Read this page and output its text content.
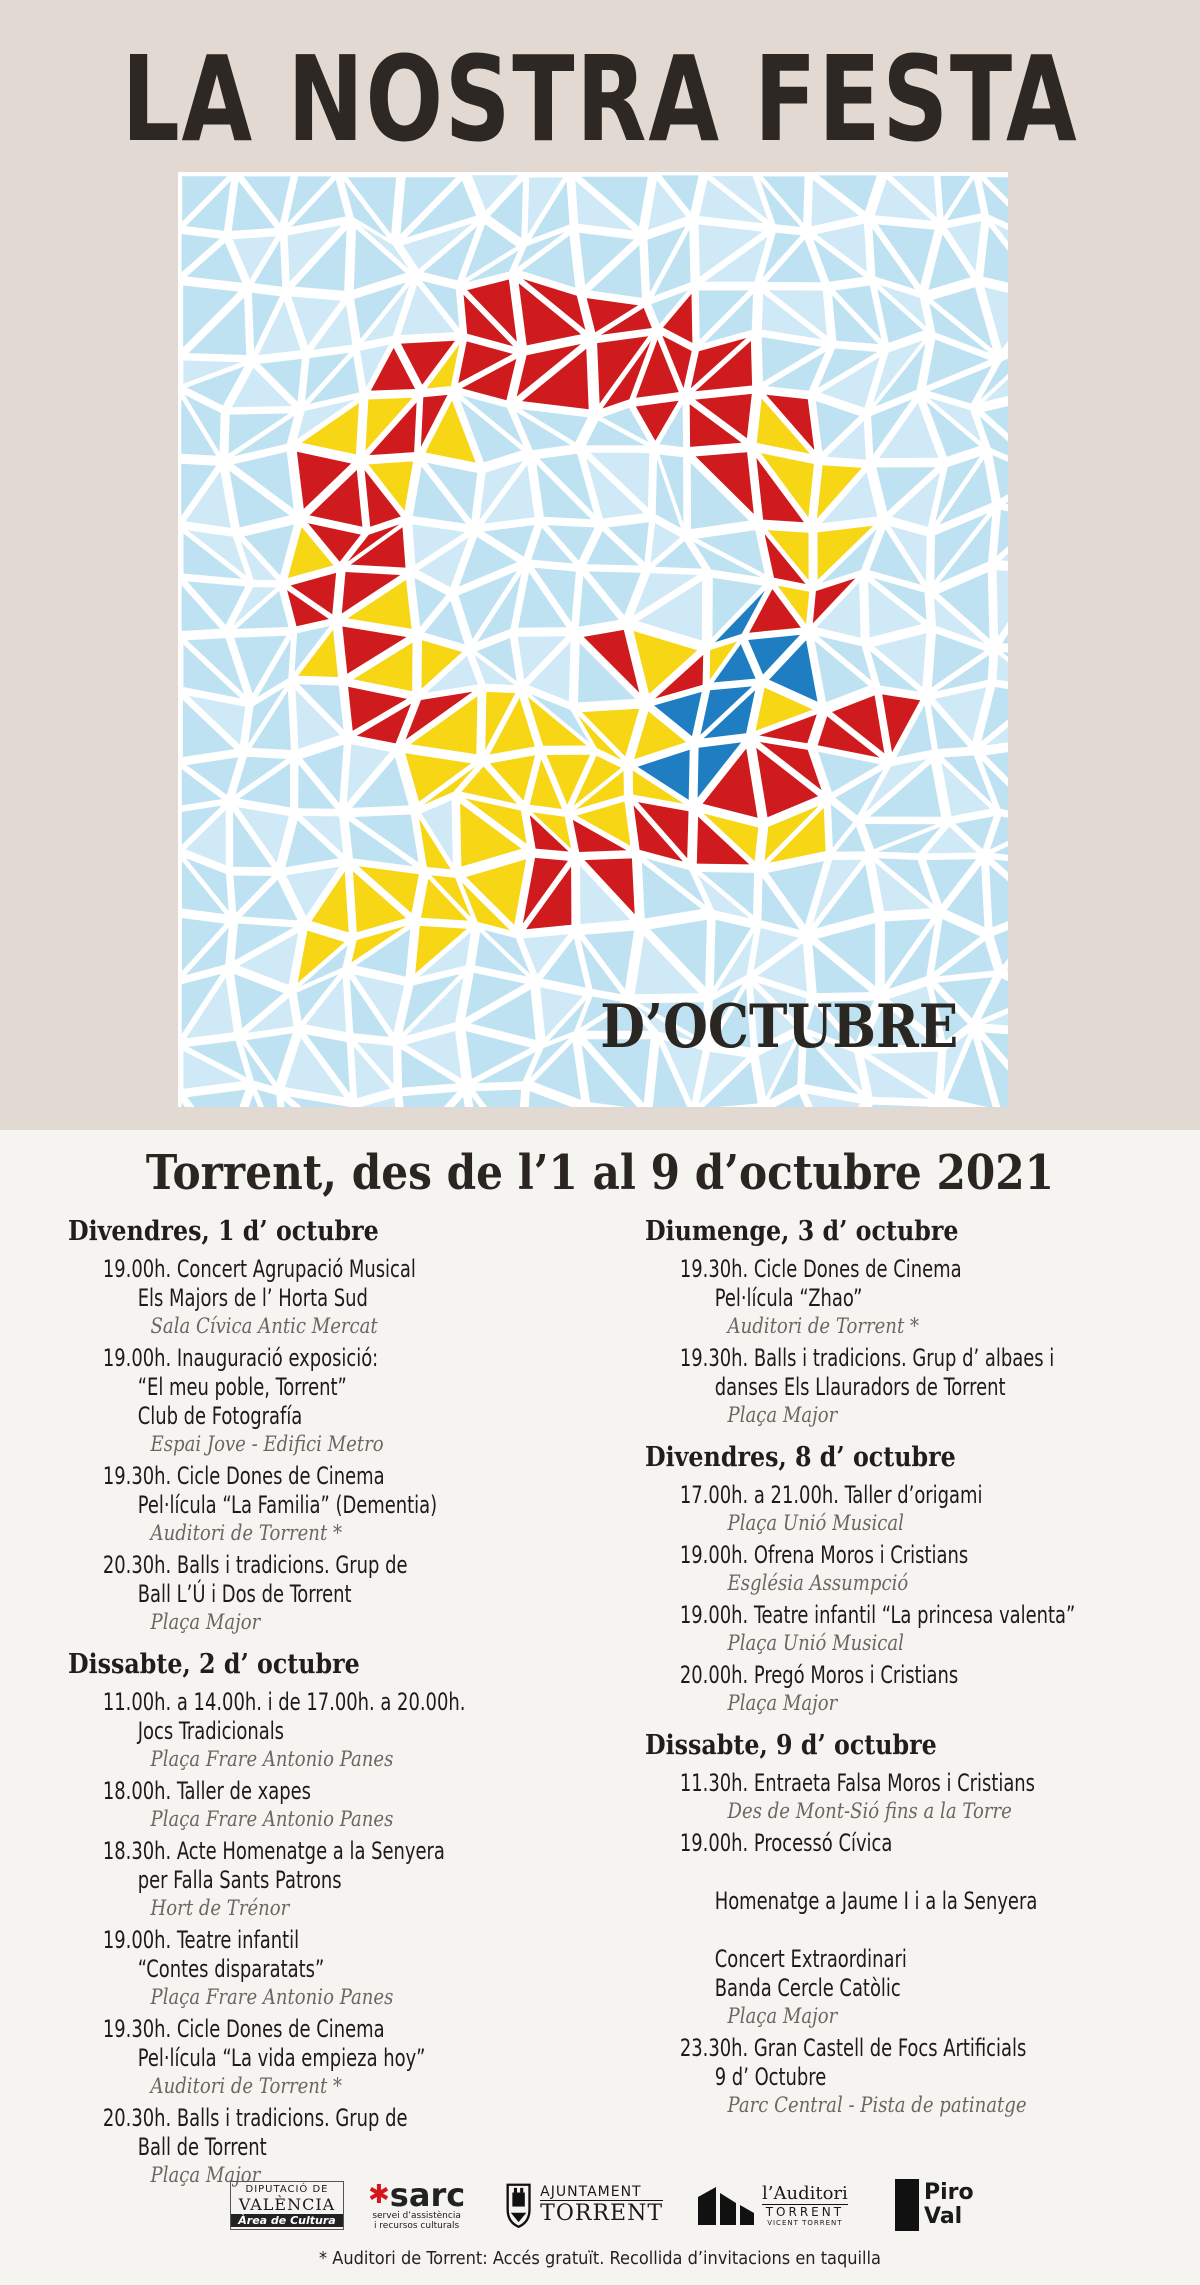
LA NOSTRA FESTA
D’OCTUBRE
Torrent, des de l’1 al 9 d’octubre 2021
Divendres, 1 d’ octubre
19.00h. Concert Agrupació Musical
Els Majors de l’ Horta Sud
Sala Cívica Antic Mercat
19.00h. Inauguració exposició:
“El meu poble, Torrent”
Club de Fotografía
Espai Jove - Edifici Metro
19.30h. Cicle Dones de Cinema
Pel·lícula “La Familia” (Dementia)
Auditori de Torrent *
20.30h. Balls i tradicions. Grup de
Ball L’Ú i Dos de Torrent
Plaça Major
Dissabte, 2 d’ octubre
11.00h. a 14.00h. i de 17.00h. a 20.00h.
Jocs Tradicionals
Plaça Frare Antonio Panes
18.00h. Taller de xapes
Plaça Frare Antonio Panes
18.30h. Acte Homenatge a la Senyera
per Falla Sants Patrons
Hort de Trénor
19.00h. Teatre infantil
“Contes disparatats”
Plaça Frare Antonio Panes
19.30h. Cicle Dones de Cinema
Pel·lícula “La vida empieza hoy”
Auditori de Torrent *
20.30h. Balls i tradicions. Grup de
Ball de Torrent
Plaça Major
Diumenge, 3 d’ octubre
19.30h. Cicle Dones de Cinema
Pel·lícula “Zhao”
Auditori de Torrent *
19.30h. Balls i tradicions. Grup d’ albaes i
danses Els Llauradors de Torrent
Plaça Major
Divendres, 8 d’ octubre
17.00h. a 21.00h. Taller d’origami
Plaça Unió Musical
19.00h. Ofrena Moros i Cristians
Església Assumpció
19.00h. Teatre infantil “La princesa valenta”
Plaça Unió Musical
20.00h. Pregó Moros i Cristians
Plaça Major
Dissabte, 9 d’ octubre
11.30h. Entraeta Falsa Moros i Cristians
Des de Mont-Sió fins a la Torre
19.00h. Processó Cívica
Homenatge a Jaume I i a la Senyera
Concert Extraordinari
Banda Cercle Catòlic
Plaça Major
23.30h. Gran Castell de Focs Artificials
9 d’ Octubre
Parc Central - Pista de patinatge
DIPUTACIÓ DE
VALÈNCIA
Àrea de Cultura
✱ sarc
servei d’assistència
i recursos culturals
AJUNTAMENT
TORRENT
l’Auditori
TORRENT
VICENT TORRENT
Piro
Val
* Auditori de Torrent: Accés gratuït. Recollida d’invitacions en taquilla
